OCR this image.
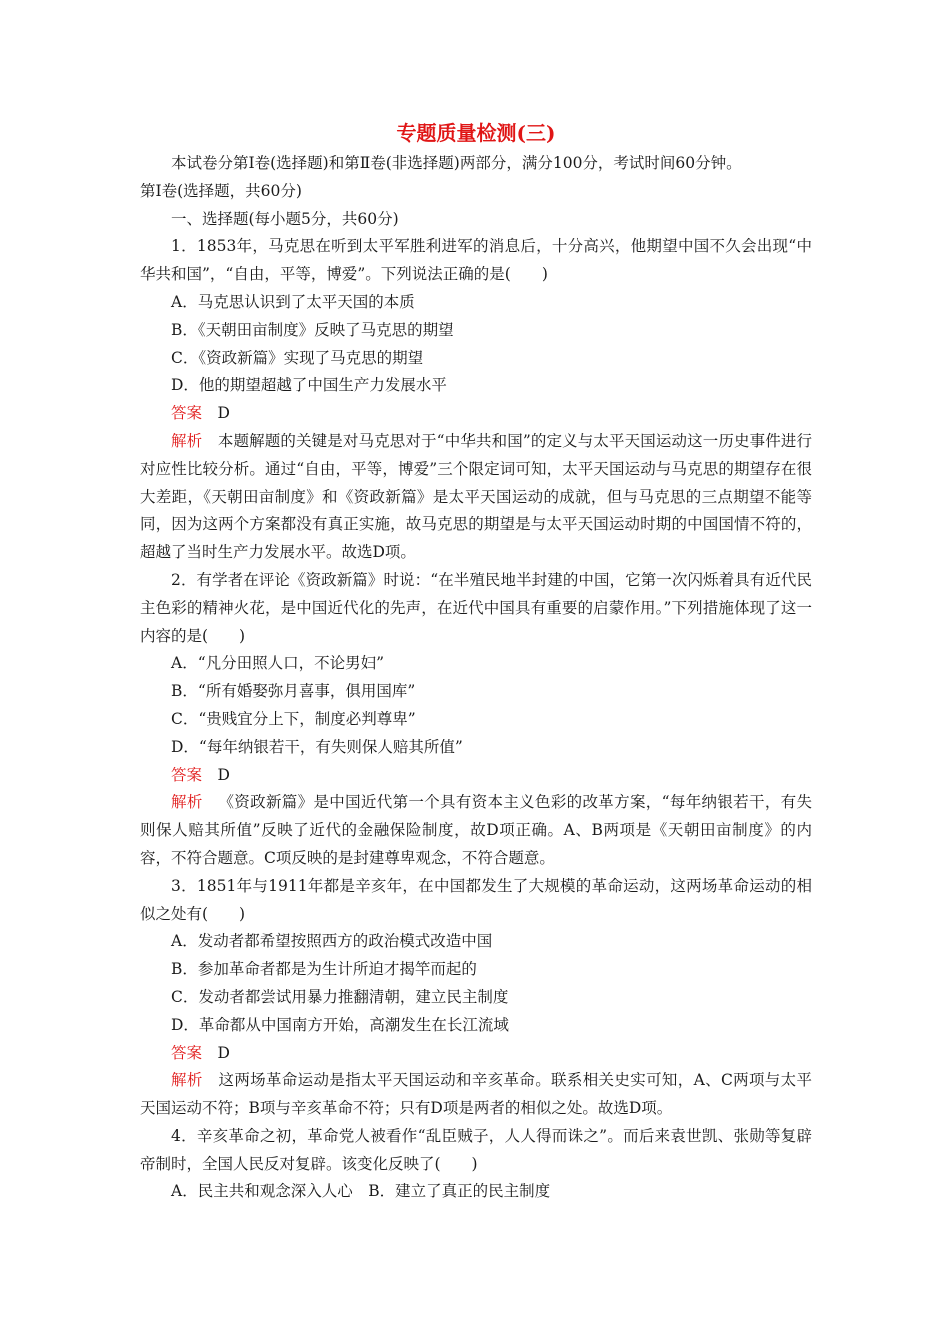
专题质量检测(三)

本试卷分第Ⅰ卷(选择题)和第Ⅱ卷(非选择题)两部分，满分100分，考试时间60分钟。

第Ⅰ卷(选择题，共60分)

一、选择题(每小题5分，共60分)

1．1853年，马克思在听到太平军胜利进军的消息后，十分高兴，他期望中国不久会出现“中华共和国”，“自由，平等，博爱”。下列说法正确的是(　　)

A．马克思认识到了太平天国的本质

B．《天朝田亩制度》反映了马克思的期望

C．《资政新篇》实现了马克思的期望

D．他的期望超越了中国生产力发展水平

答案 D

解析 本题解题的关键是对马克思对于“中华共和国”的定义与太平天国运动这一历史事件进行对应性比较分析。通过“自由，平等，博爱”三个限定词可知，太平天国运动与马克思的期望存在很大差距，《天朝田亩制度》和《资政新篇》是太平天国运动的成就，但与马克思的三点期望不能等同，因为这两个方案都没有真正实施，故马克思的期望是与太平天国运动时期的中国国情不符的，超越了当时生产力发展水平。故选D项。

2．有学者在评论《资政新篇》时说：“在半殖民地半封建的中国，它第一次闪烁着具有近代民主色彩的精神火花，是中国近代化的先声，在近代中国具有重要的启蒙作用。”下列措施体现了这一内容的是(　　)

A．“凡分田照人口，不论男妇”

B．“所有婚娶弥月喜事，俱用国库”

C．“贵贱宜分上下，制度必判尊卑”

D．“每年纳银若干，有失则保人赔其所值”

答案 D

解析 《资政新篇》是中国近代第一个具有资本主义色彩的改革方案，“每年纳银若干，有失则保人赔其所值”反映了近代的金融保险制度，故D项正确。A、B两项是《天朝田亩制度》的内容，不符合题意。C项反映的是封建尊卑观念，不符合题意。

3．1851年与1911年都是辛亥年，在中国都发生了大规模的革命运动，这两场革命运动的相似之处有(　　)

A．发动者都希望按照西方的政治模式改造中国

B．参加革命者都是为生计所迫才揭竿而起的

C．发动者都尝试用暴力推翻清朝，建立民主制度

D．革命都从中国南方开始，高潮发生在长江流域

答案 D

解析 这两场革命运动是指太平天国运动和辛亥革命。联系相关史实可知，A、C两项与太平天国运动不符；B项与辛亥革命不符；只有D项是两者的相似之处。故选D项。

4．辛亥革命之初，革命党人被看作“乱臣贼子，人人得而诛之”。而后来袁世凯、张勋等复辟帝制时，全国人民反对复辟。该变化反映了(　　)

A．民主共和观念深入人心　B．建立了真正的民主制度
